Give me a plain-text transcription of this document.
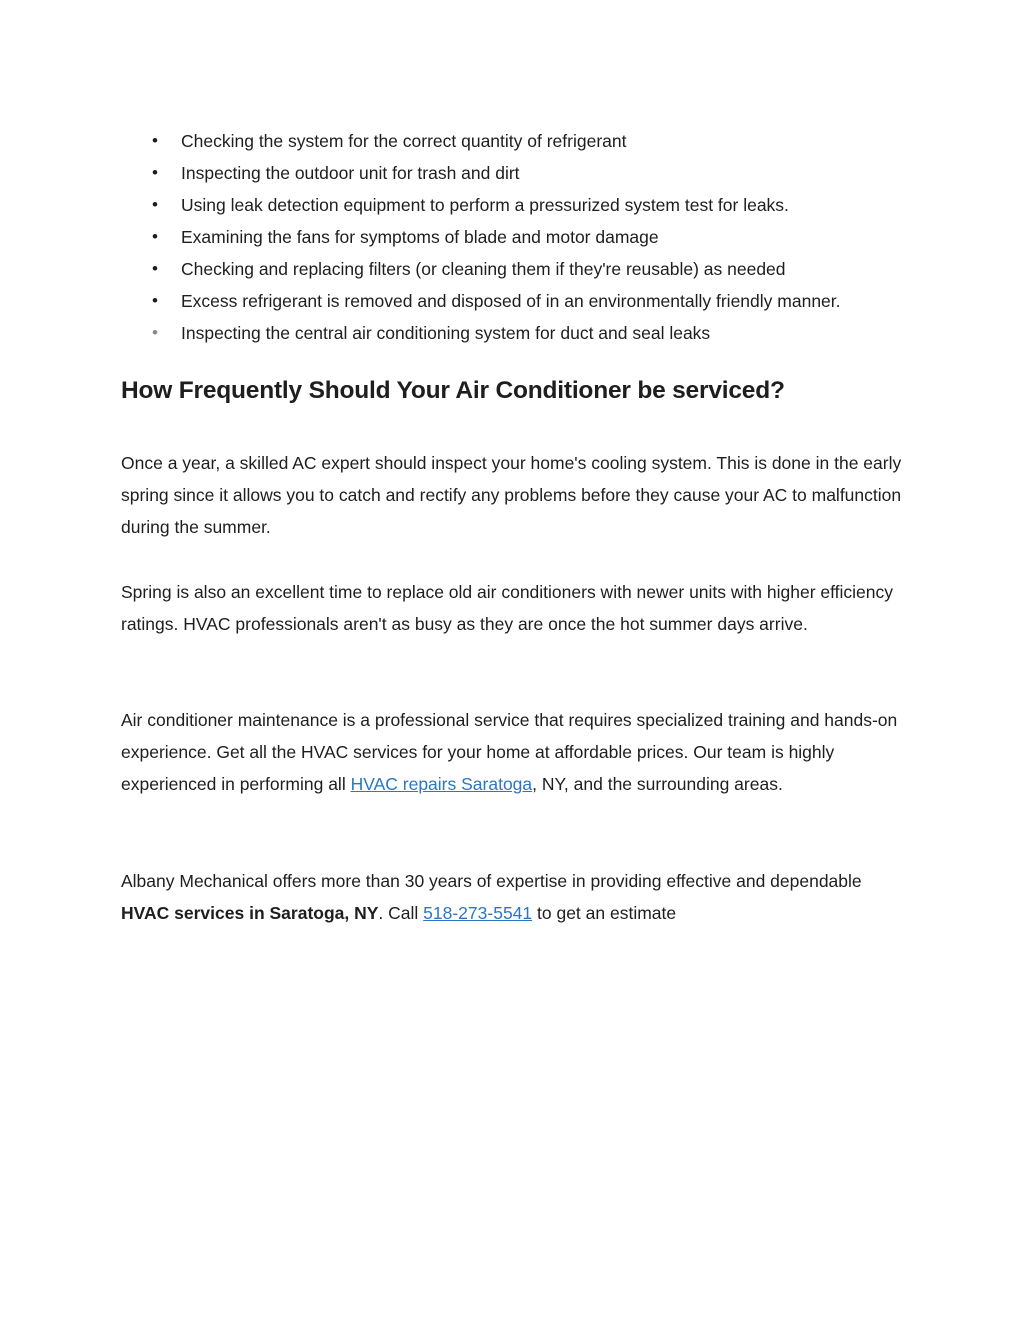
• Checking the system for the correct quantity of refrigerant
• Inspecting the outdoor unit for trash and dirt
• Using leak detection equipment to perform a pressurized system test for leaks.
• Examining the fans for symptoms of blade and motor damage
• Checking and replacing filters (or cleaning them if they're reusable) as needed
• Excess refrigerant is removed and disposed of in an environmentally friendly manner.
• Inspecting the central air conditioning system for duct and seal leaks
How Frequently Should Your Air Conditioner be serviced?

Once a year, a skilled AC expert should inspect your home's cooling system. This is done in the early spring since it allows you to catch and rectify any problems before they cause your AC to malfunction during the summer.

Spring is also an excellent time to replace old air conditioners with newer units with higher efficiency ratings. HVAC professionals aren't as busy as they are once the hot summer days arrive.

Air conditioner maintenance is a professional service that requires specialized training and hands-on experience. Get all the HVAC services for your home at affordable prices. Our team is highly experienced in performing all HVAC repairs Saratoga, NY, and the surrounding areas.

Albany Mechanical offers more than 30 years of expertise in providing effective and dependable HVAC services in Saratoga, NY. Call 518-273-5541 to get an estimate
